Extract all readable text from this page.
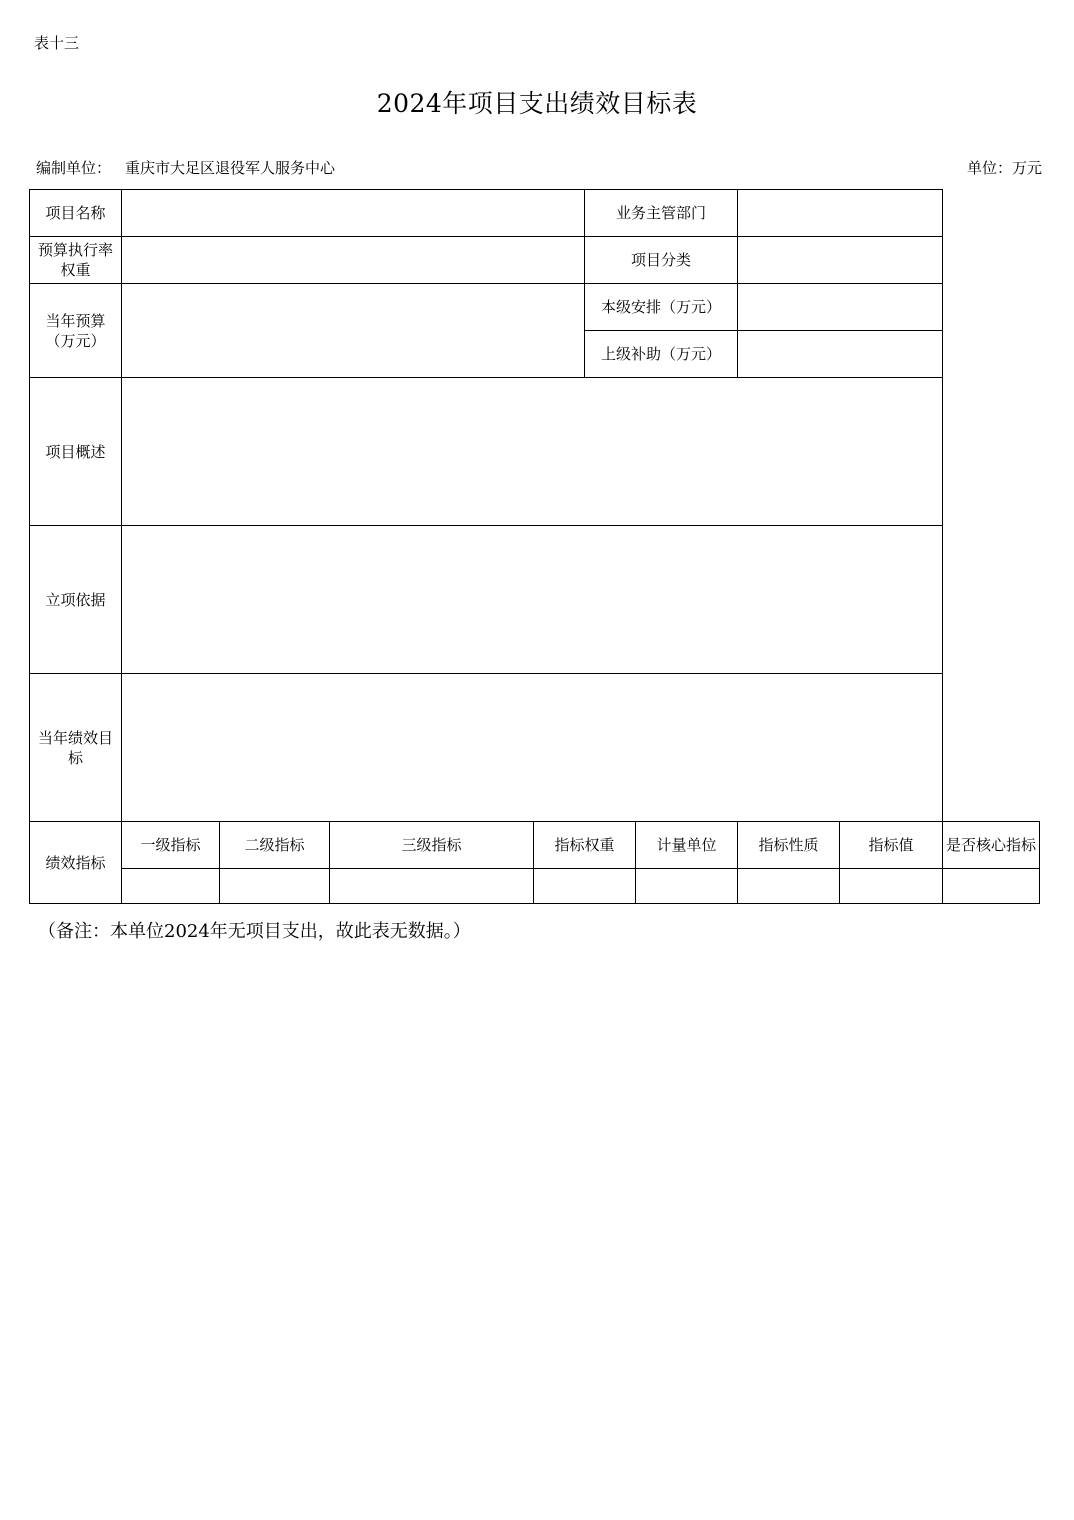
表十三
2024年项目支出绩效目标表
编制单位： 重庆市大足区退役军人服务中心	单位：万元
项目名称					业务主管部门				
预算执行率权重					项目分类				
当年预算（万元）					本级安排（万元）				
					上级补助（万元）				
项目概述									
立项依据									
当年绩效目标									
绩效指标	一级指标	二级指标	三级指标	指标权重		计量单位	指标性质	指标值	是否核心指标

（备注：本单位2024年无项目支出，故此表无数据。）
